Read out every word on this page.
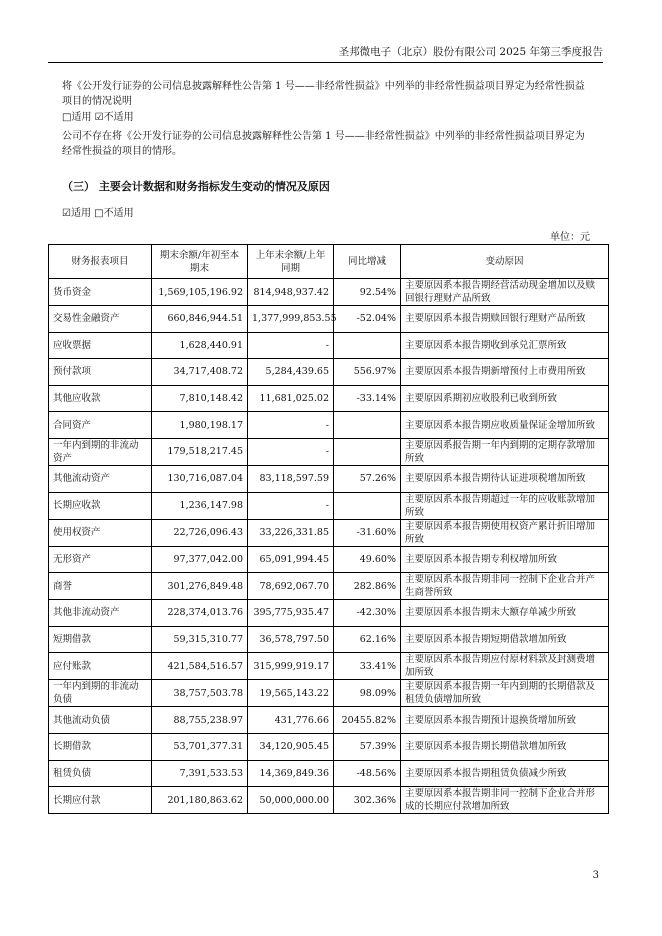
圣邦微电子（北京）股份有限公司 2025 年第三季度报告
将《公开发行证券的公司信息披露解释性公告第 1 号——非经常性损益》中列举的非经常性损益项目界定为经常性损益项目的情况说明
□适用 ☑不适用
公司不存在将《公开发行证券的公司信息披露解释性公告第 1 号——非经常性损益》中列举的非经常性损益项目界定为经常性损益的项目的情形。
（三） 主要会计数据和财务指标发生变动的情况及原因
☑适用 □不适用
单位：元
财务报表项目	期末余额/年初至本期末	上年末余额/上年同期	同比增减	变动原因
货币资金	1,569,105,196.92	814,948,937.42	92.54%	主要原因系本报告期经营活动现金增加以及赎回银行理财产品所致
交易性金融资产	660,846,944.51	1,377,999,853.55	-52.04%	主要原因系本报告期赎回银行理财产品所致
应收票据	1,628,440.91	-		主要原因系本报告期收到承兑汇票所致
预付款项	34,717,408.72	5,284,439.65	556.97%	主要原因系本报告期新增预付上市费用所致
其他应收款	7,810,148.42	11,681,025.02	-33.14%	主要原因系期初应收股利已收到所致
合同资产	1,980,198.17	-		主要原因系本报告期应收质量保证金增加所致
一年内到期的非流动资产	179,518,217.45	-		主要原因系报告期一年内到期的定期存款增加所致
其他流动资产	130,716,087.04	83,118,597.59	57.26%	主要原因系本报告期待认证进项税增加所致
长期应收款	1,236,147.98	-		主要原因系本报告期超过一年的应收账款增加所致
使用权资产	22,726,096.43	33,226,331.85	-31.60%	主要原因系本报告期使用权资产累计折旧增加所致
无形资产	97,377,042.00	65,091,994.45	49.60%	主要原因系本报告期专利权增加所致
商誉	301,276,849.48	78,692,067.70	282.86%	主要原因系本报告期非同一控制下企业合并产生商誉所致
其他非流动资产	228,374,013.76	395,775,935.47	-42.30%	主要原因系本报告期末大额存单减少所致
短期借款	59,315,310.77	36,578,797.50	62.16%	主要原因系本报告期短期借款增加所致
应付账款	421,584,516.57	315,999,919.17	33.41%	主要原因系本报告期应付原材料款及封测费增加所致
一年内到期的非流动负债	38,757,503.78	19,565,143.22	98.09%	主要原因系本报告期一年内到期的长期借款及租赁负债增加所致
其他流动负债	88,755,238.97	431,776.66	20455.82%	主要原因系本报告期预计退换货增加所致
长期借款	53,701,377.31	34,120,905.45	57.39%	主要原因系本报告期长期借款增加所致
租赁负债	7,391,533.53	14,369,849.36	-48.56%	主要原因系本报告期租赁负债减少所致
长期应付款	201,180,863.62	50,000,000.00	302.36%	主要原因系本报告期非同一控制下企业合并形成的长期应付款增加所致
3
